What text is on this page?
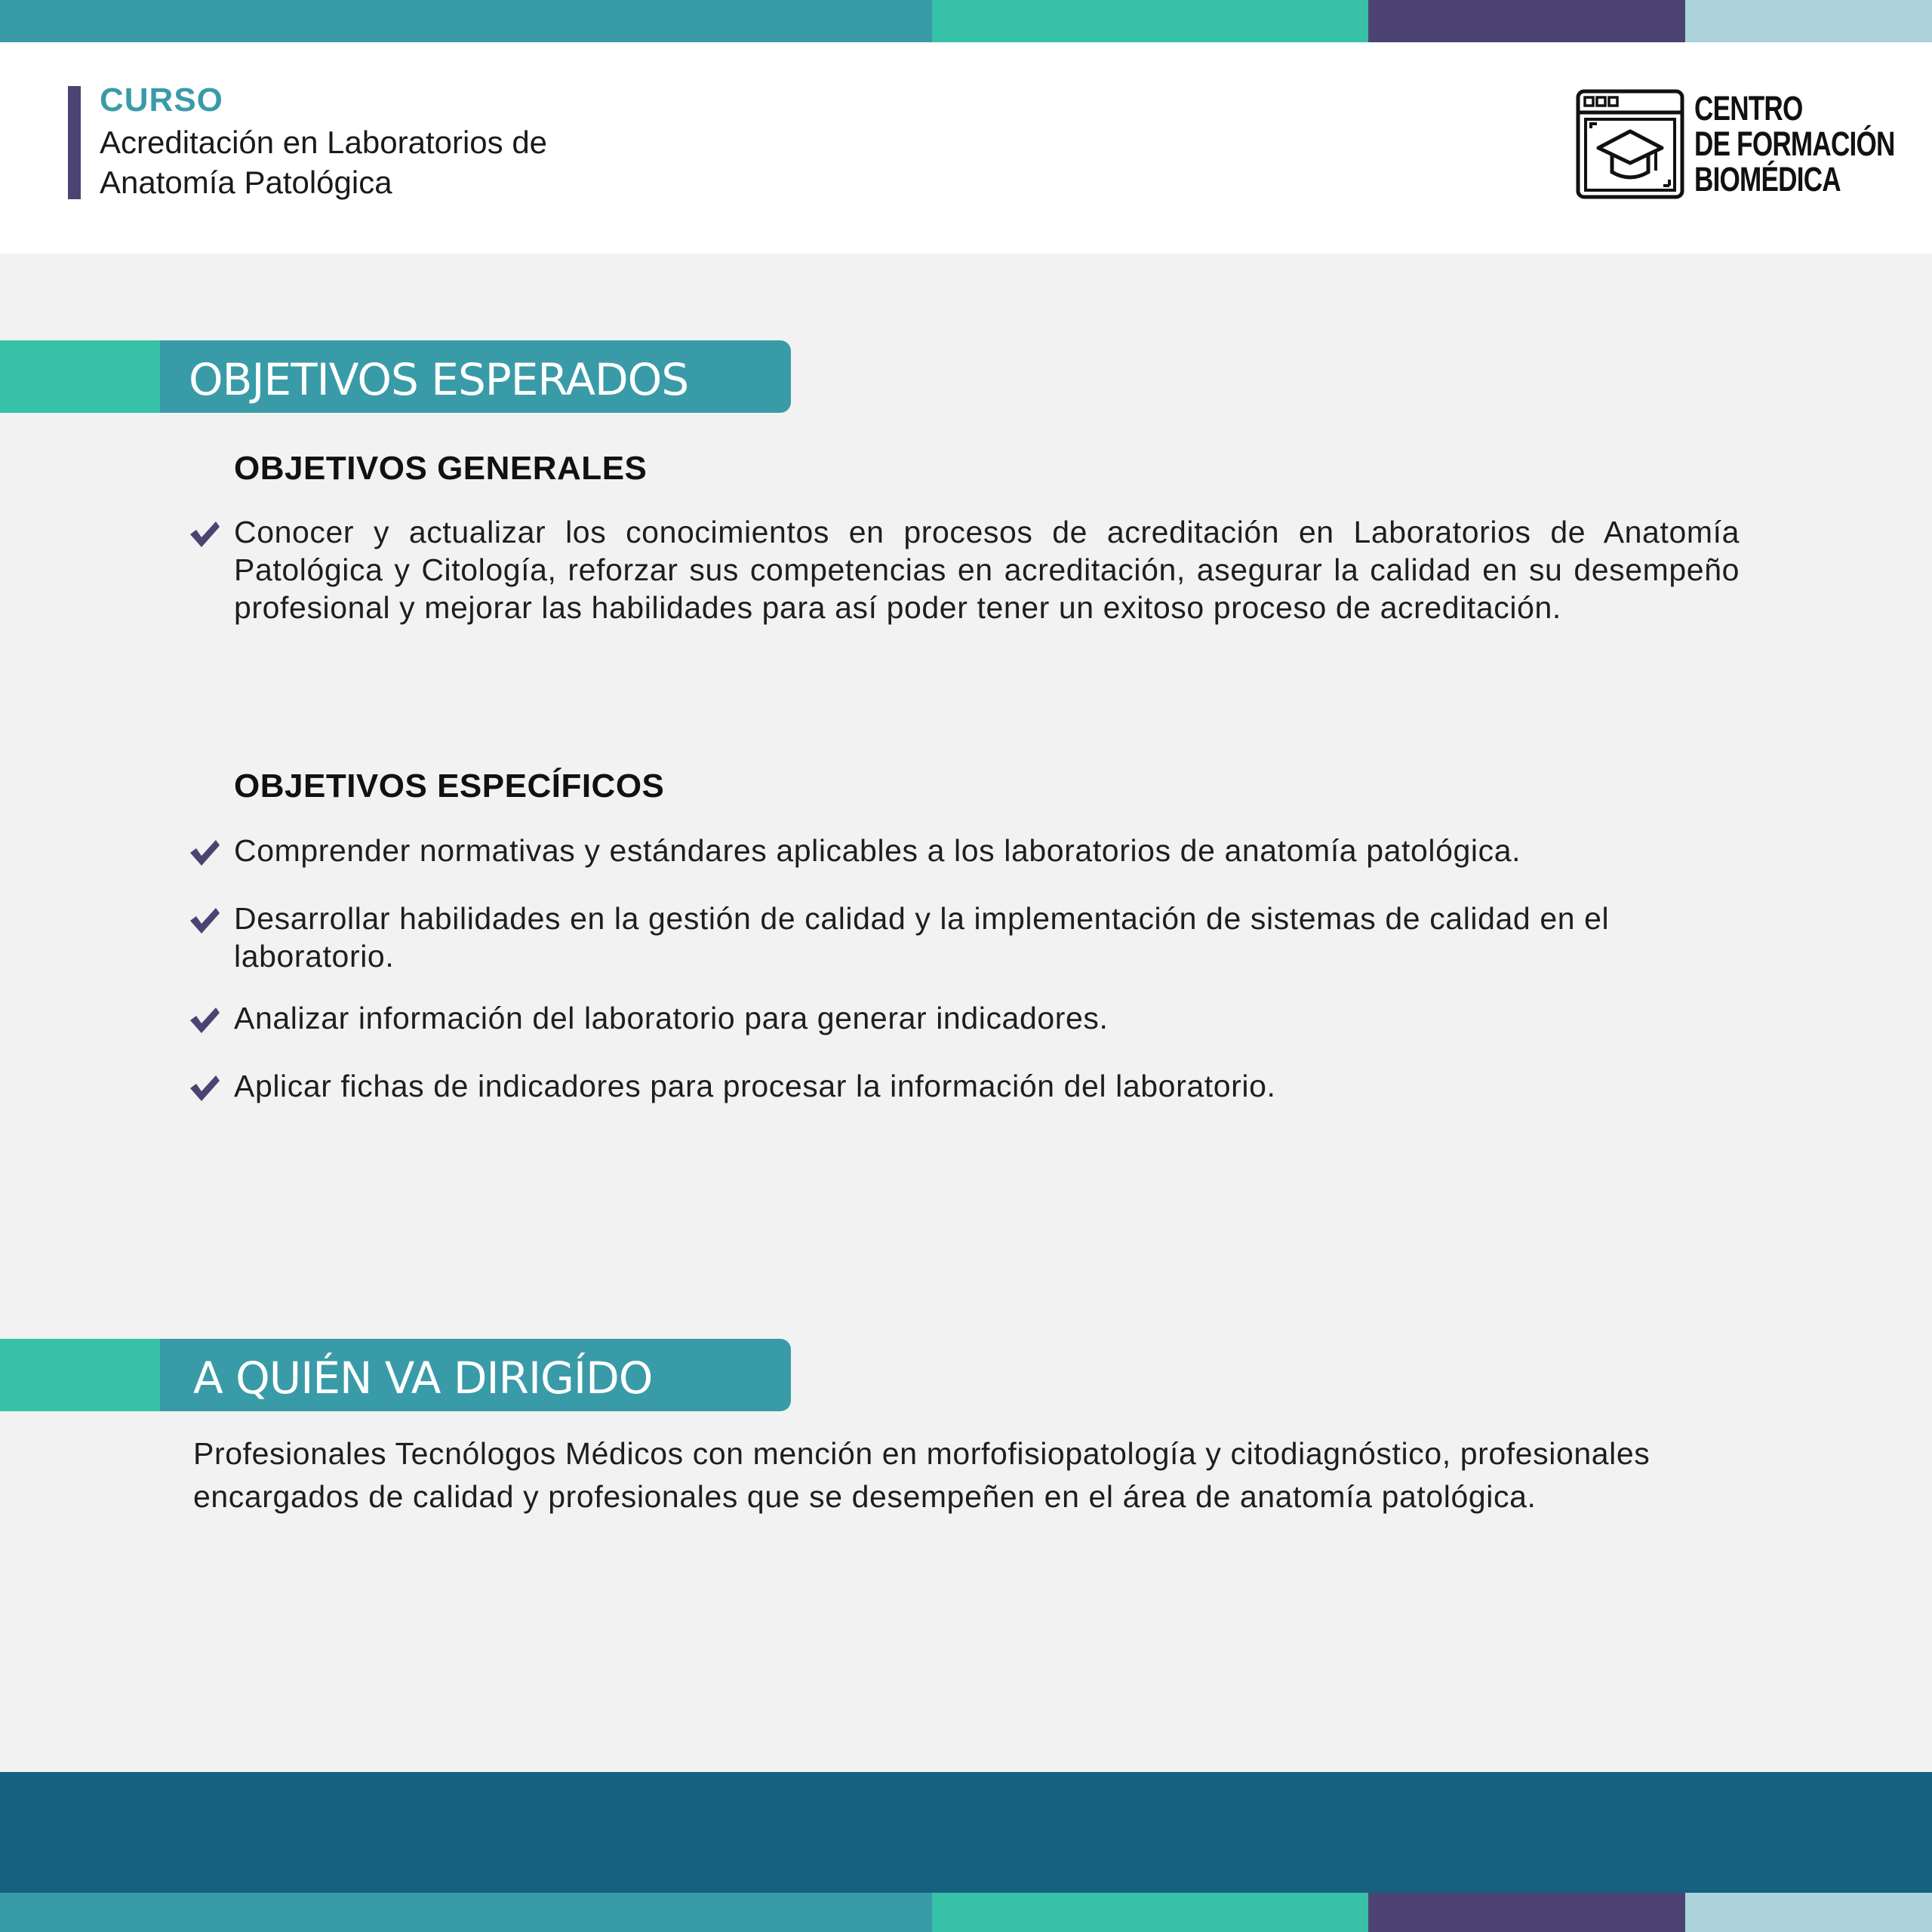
CURSO
Acreditación en Laboratorios de
Anatomía Patológica
CENTRO
DE FORMACIÓN
BIOMÉDICA
OBJETIVOS ESPERADOS
OBJETIVOS GENERALES
Conocer y actualizar los conocimientos en procesos de acreditación en Laboratorios de Anatomía Patológica y Citología, reforzar sus competencias en acreditación, asegurar la calidad en su desempeño profesional y mejorar las habilidades para así poder tener un exitoso proceso de acreditación.
OBJETIVOS ESPECÍFICOS
Comprender normativas y estándares aplicables a los laboratorios de anatomía patológica.
Desarrollar habilidades en la gestión de calidad y la implementación de sistemas de calidad en el laboratorio.
Analizar información del laboratorio para generar indicadores.
Aplicar fichas de indicadores para procesar la información del laboratorio.
A QUIÉN VA DIRIGÍDO
Profesionales Tecnólogos Médicos con mención en morfofisiopatología y citodiagnóstico, profesionales encargados de calidad y profesionales que se desempeñen en el área de anatomía patológica.
